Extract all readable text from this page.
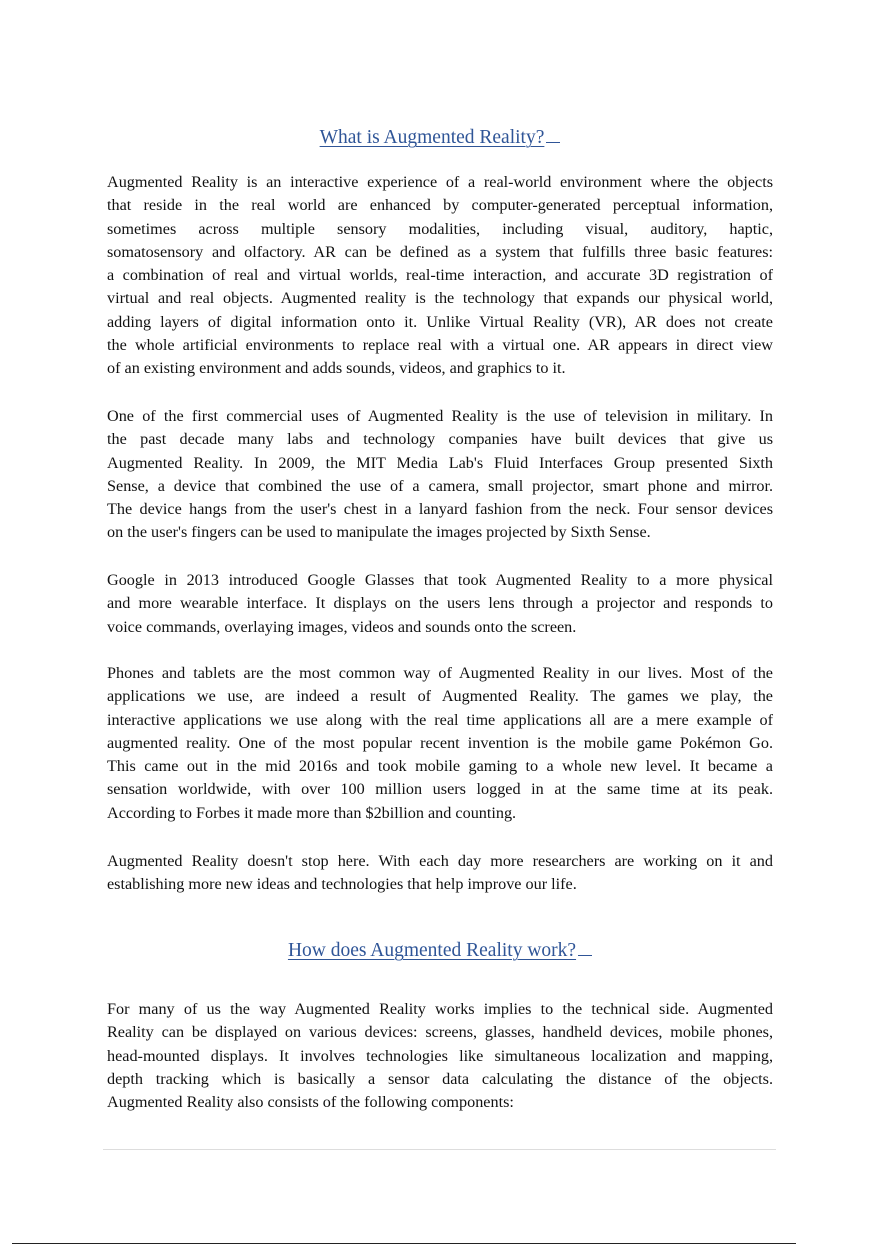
What is Augmented Reality?

Augmented Reality is an interactive experience of a real-world environment where the objects
that reside in the real world are enhanced by computer-generated perceptual information,
sometimes across multiple sensory modalities, including visual, auditory, haptic,
somatosensory and olfactory. AR can be defined as a system that fulfills three basic features:
a combination of real and virtual worlds, real-time interaction, and accurate 3D registration of
virtual and real objects. Augmented reality is the technology that expands our physical world,
adding layers of digital information onto it. Unlike Virtual Reality (VR), AR does not create
the whole artificial environments to replace real with a virtual one. AR appears in direct view
of an existing environment and adds sounds, videos, and graphics to it.

One of the first commercial uses of Augmented Reality is the use of television in military. In
the past decade many labs and technology companies have built devices that give us
Augmented Reality. In 2009, the MIT Media Lab's Fluid Interfaces Group presented Sixth
Sense, a device that combined the use of a camera, small projector, smart phone and mirror.
The device hangs from the user's chest in a lanyard fashion from the neck. Four sensor devices
on the user's fingers can be used to manipulate the images projected by Sixth Sense.

Google in 2013 introduced Google Glasses that took Augmented Reality to a more physical
and more wearable interface. It displays on the users lens through a projector and responds to
voice commands, overlaying images, videos and sounds onto the screen.

Phones and tablets are the most common way of Augmented Reality in our lives. Most of the
applications we use, are indeed a result of Augmented Reality. The games we play, the
interactive applications we use along with the real time applications all are a mere example of
augmented reality. One of the most popular recent invention is the mobile game Pokémon Go.
This came out in the mid 2016s and took mobile gaming to a whole new level. It became a
sensation worldwide, with over 100 million users logged in at the same time at its peak.
According to Forbes it made more than $2billion and counting.

Augmented Reality doesn't stop here. With each day more researchers are working on it and
establishing more new ideas and technologies that help improve our life.

How does Augmented Reality work?

For many of us the way Augmented Reality works implies to the technical side. Augmented
Reality can be displayed on various devices: screens, glasses, handheld devices, mobile phones,
head-mounted displays. It involves technologies like simultaneous localization and mapping,
depth tracking which is basically a sensor data calculating the distance of the objects.
Augmented Reality also consists of the following components:
